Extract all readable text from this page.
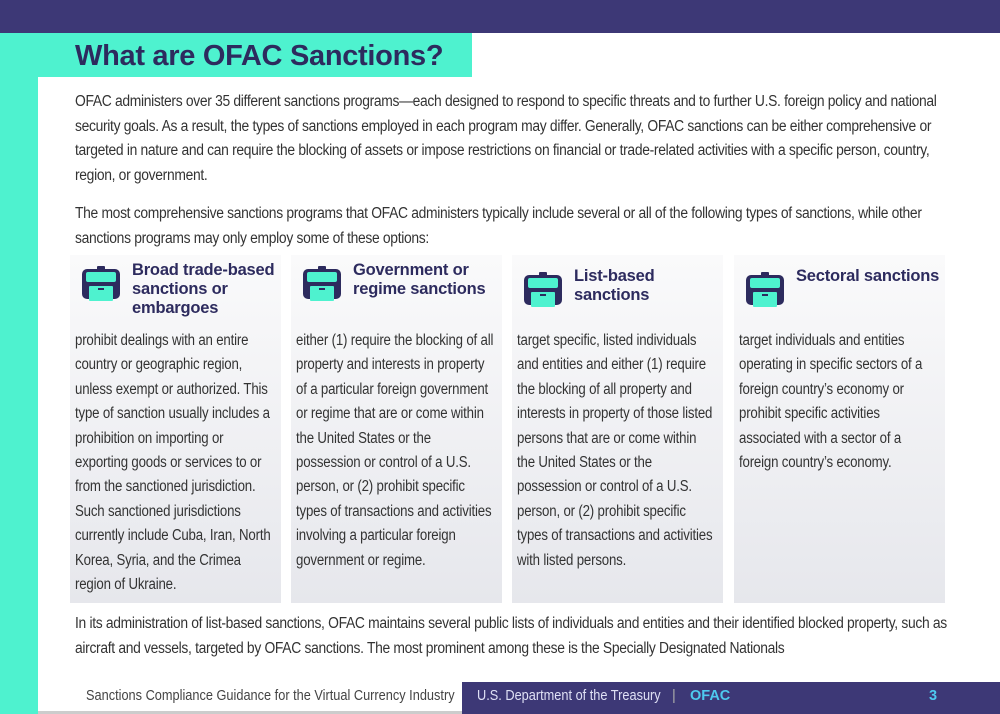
What are OFAC Sanctions?

OFAC administers over 35 different sanctions programs—each designed to respond to specific threats and to further U.S. foreign policy and national security goals. As a result, the types of sanctions employed in each program may differ. Generally, OFAC sanctions can be either comprehensive or targeted in nature and can require the blocking of assets or impose restrictions on financial or trade-related activities with a specific person, country, region, or government.

The most comprehensive sanctions programs that OFAC administers typically include several or all of the following types of sanctions, while other sanctions programs may only employ some of these options:

Broad trade-based sanctions or embargoes
prohibit dealings with an entire country or geographic region, unless exempt or authorized. This type of sanction usually includes a prohibition on importing or exporting goods or services to or from the sanctioned jurisdiction. Such sanctioned jurisdictions currently include Cuba, Iran, North Korea, Syria, and the Crimea region of Ukraine.
Government or regime sanctions
either (1) require the blocking of all property and interests in property of a particular foreign government or regime that are or come within the United States or the possession or control of a U.S. person, or (2) prohibit specific types of transactions and activities involving a particular foreign government or regime.
List-based sanctions
target specific, listed individuals and entities and either (1) require the blocking of all property and interests in property of those listed persons that are or come within the United States or the possession or control of a U.S. person, or (2) prohibit specific types of transactions and activities with listed persons.
Sectoral sanctions
target individuals and entities operating in specific sectors of a foreign country’s economy or prohibit specific activities associated with a sector of a foreign country’s economy.

In its administration of list-based sanctions, OFAC maintains several public lists of individuals and entities and their identified blocked property, such as aircraft and vessels, targeted by OFAC sanctions. The most prominent among these is the Specially Designated Nationals

Sanctions Compliance Guidance for the Virtual Currency Industry U.S. Department of the Treasury | OFAC	3
